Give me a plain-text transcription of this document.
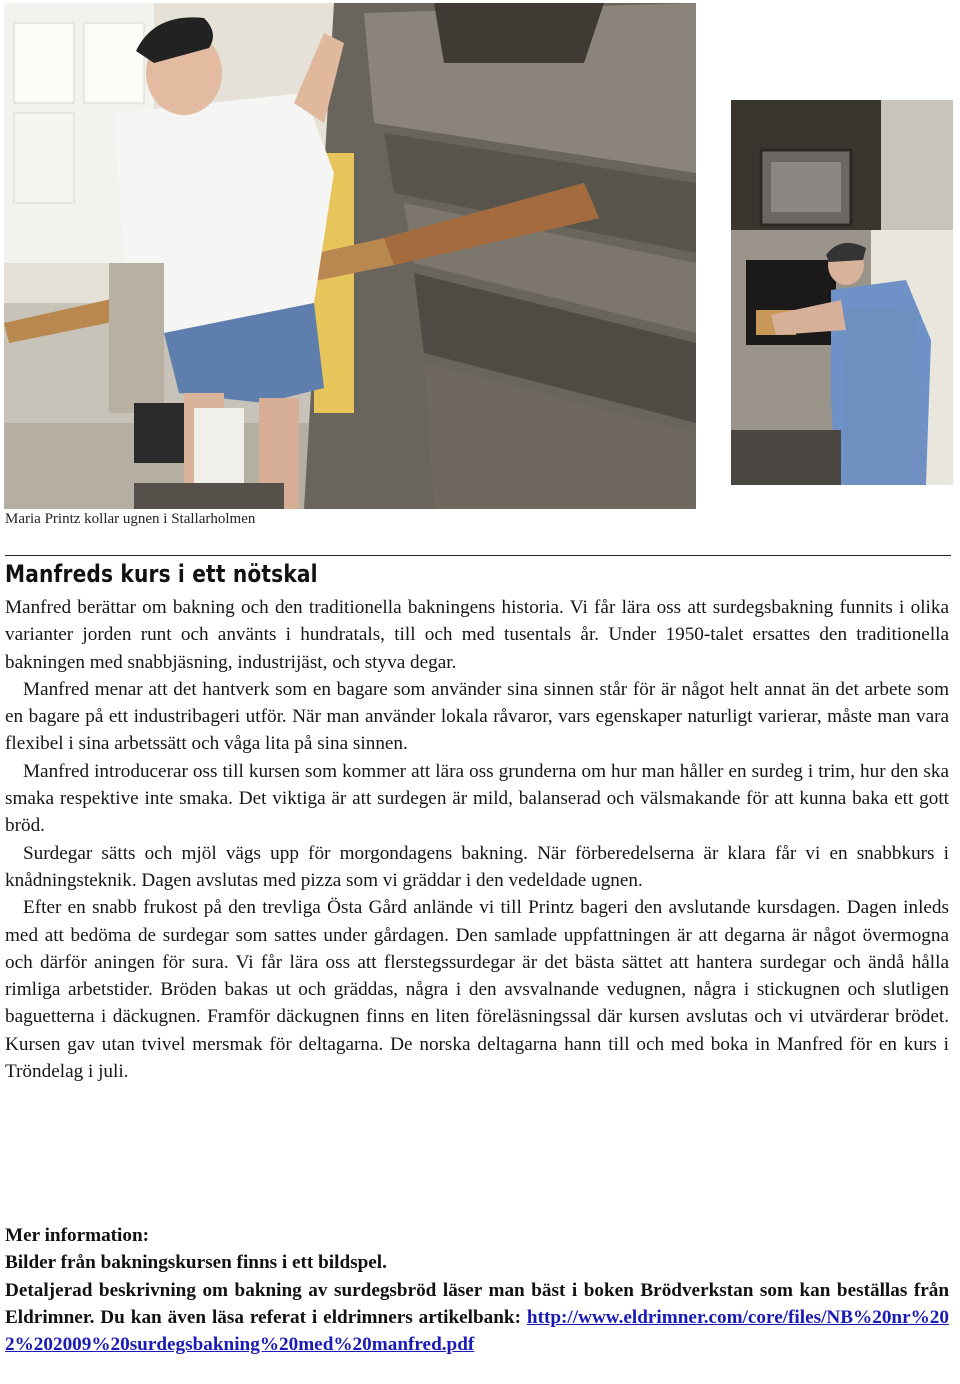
Maria Printz kollar ugnen i Stallarholmen
Manfreds kurs i ett nötskal

Manfred berättar om bakning och den traditionella bakningens historia. Vi får lära oss att surdegsbakning funnits i olika varianter jorden runt och använts i hundratals, till och med tusentals år. Under 1950-talet ersattes den traditionella bakningen med snabbjäsning, industrijäst, och styva degar.

Manfred menar att det hantverk som en bagare som använder sina sinnen står för är något helt annat än det arbete som en bagare på ett industribageri utför. När man använder lokala råvaror, vars egenskaper naturligt varierar, måste man vara flexibel i sina arbetssätt och våga lita på sina sinnen.

Manfred introducerar oss till kursen som kommer att lära oss grunderna om hur man håller en surdeg i trim, hur den ska smaka respektive inte smaka. Det viktiga är att surdegen är mild, balanserad och välsmakande för att kunna baka ett gott bröd.

Surdegar sätts och mjöl vägs upp för morgondagens bakning. När förberedelserna är klara får vi en snabbkurs i knådningsteknik. Dagen avslutas med pizza som vi gräddar i den vedeldade ugnen.

Efter en snabb frukost på den trevliga Östa Gård anlände vi till Printz bageri den avslutande kursdagen. Dagen inleds med att bedöma de surdegar som sattes under gårdagen. Den samlade uppfattningen är att degarna är något övermogna och därför aningen för sura. Vi får lära oss att flerstegssurdegar är det bästa sättet att hantera surdegar och ändå hålla rimliga arbetstider. Bröden bakas ut och gräddas, några i den avsvalnande vedugnen, några i stickugnen och slutligen baguetterna i däckugnen. Framför däckugnen finns en liten föreläsningssal där kursen avslutas och vi utvärderar brödet. Kursen gav utan tvivel mersmak för deltagarna. De norska deltagarna hann till och med boka in Manfred för en kurs i Tröndelag i juli.

Mer information:

Bilder från bakningskursen finns i ett bildspel.

Detaljerad beskrivning om bakning av surdegsbröd läser man bäst i boken Brödverkstan som kan beställas från Eldrimner. Du kan även läsa referat i eldrimners artikelbank: http://www.eldrimner.com/core/files/NB%20nr%202%202009%20surdegsbakning%20med%20manfred.pdf
